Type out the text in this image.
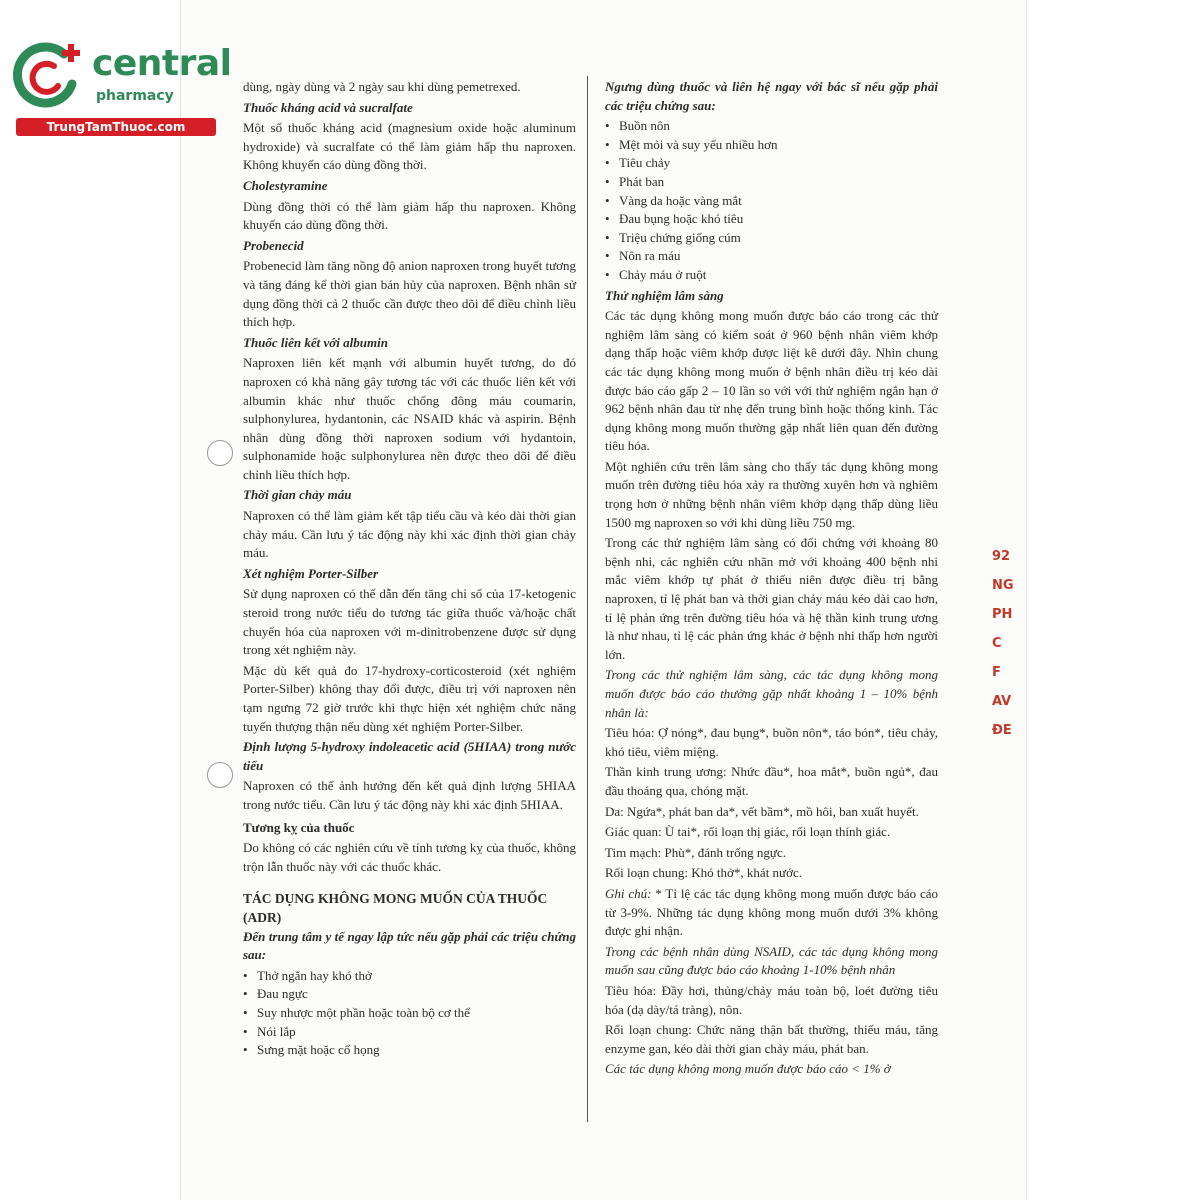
central
pharmacy
TrungTamThuoc.com

dùng, ngày dùng và 2 ngày sau khi dùng pemetrexed.

Thuốc kháng acid và sucralfate

Một số thuốc kháng acid (magnesium oxide hoặc aluminum hydroxide) và sucralfate có thể làm giảm hấp thu naproxen. Không khuyến cáo dùng đồng thời.

Cholestyramine

Dùng đồng thời có thể làm giảm hấp thu naproxen. Không khuyến cáo dùng đồng thời.

Probenecid

Probenecid làm tăng nồng độ anion naproxen trong huyết tương và tăng đáng kể thời gian bán hủy của naproxen. Bệnh nhân sử dụng đồng thời cả 2 thuốc cần được theo dõi để điều chỉnh liều thích hợp.

Thuốc liên kết với albumin

Naproxen liên kết mạnh với albumin huyết tương, do đó naproxen có khả năng gây tương tác với các thuốc liên kết với albumin khác như thuốc chống đông máu coumarin, sulphonylurea, hydantonin, các NSAID khác và aspirin. Bệnh nhân dùng đồng thời naproxen sodium với hydantoin, sulphonamide hoặc sulphonylurea nên được theo dõi để điều chỉnh liều thích hợp.

Thời gian chảy máu

Naproxen có thể làm giảm kết tập tiểu cầu và kéo dài thời gian chảy máu. Cần lưu ý tác động này khi xác định thời gian chảy máu.

Xét nghiệm Porter-Silber

Sử dụng naproxen có thể dẫn đến tăng chỉ số của 17-ketogenic steroid trong nước tiểu do tương tác giữa thuốc và/hoặc chất chuyển hóa của naproxen với m-dinitrobenzene được sử dụng trong xét nghiệm này.

Mặc dù kết quả đo 17-hydroxy-corticosteroid (xét nghiệm Porter-Silber) không thay đổi được, điều trị với naproxen nên tạm ngưng 72 giờ trước khi thực hiện xét nghiệm chức năng tuyến thượng thận nếu dùng xét nghiệm Porter-Silber.

Định lượng 5-hydroxy indoleacetic acid (5HIAA) trong nước tiểu

Naproxen có thể ảnh hưởng đến kết quả định lượng 5HIAA trong nước tiểu. Cần lưu ý tác động này khi xác định 5HIAA.

Tương kỵ của thuốc

Do không có các nghiên cứu về tính tương kỵ của thuốc, không trộn lẫn thuốc này với các thuốc khác.

TÁC DỤNG KHÔNG MONG MUỐN CỦA THUỐC (ADR)

Đến trung tâm y tế ngay lập tức nếu gặp phải các triệu chứng sau:

• Thở ngắn hay khó thở
• Đau ngực
• Suy nhược một phần hoặc toàn bộ cơ thể
• Nói lắp
• Sưng mặt hoặc cổ họng

Ngưng dùng thuốc và liên hệ ngay với bác sĩ nếu gặp phải các triệu chứng sau:

• Buồn nôn
• Mệt mỏi và suy yếu nhiều hơn
• Tiêu chảy
• Phát ban
• Vàng da hoặc vàng mắt
• Đau bụng hoặc khó tiêu
• Triệu chứng giống cúm
• Nôn ra máu
• Chảy máu ở ruột
Thử nghiệm lâm sàng

Các tác dụng không mong muốn được báo cáo trong các thử nghiệm lâm sàng có kiểm soát ở 960 bệnh nhân viêm khớp dạng thấp hoặc viêm khớp được liệt kê dưới đây. Nhìn chung các tác dụng không mong muốn ở bệnh nhân điều trị kéo dài được báo cáo gấp 2 – 10 lần so với với thử nghiệm ngắn hạn ở 962 bệnh nhân đau từ nhẹ đến trung bình hoặc thống kinh. Tác dụng không mong muốn thường gặp nhất liên quan đến đường tiêu hóa.

Một nghiên cứu trên lâm sàng cho thấy tác dụng không mong muốn trên đường tiêu hóa xảy ra thường xuyên hơn và nghiêm trọng hơn ở những bệnh nhân viêm khớp dạng thấp dùng liều 1500 mg naproxen so với khi dùng liều 750 mg.

Trong các thử nghiệm lâm sàng có đối chứng với khoảng 80 bệnh nhi, các nghiên cứu nhãn mở với khoảng 400 bệnh nhi mắc viêm khớp tự phát ở thiếu niên được điều trị bằng naproxen, tỉ lệ phát ban và thời gian chảy máu kéo dài cao hơn, tỉ lệ phản ứng trên đường tiêu hóa và hệ thần kinh trung ương là như nhau, tỉ lệ các phản ứng khác ở bệnh nhi thấp hơn người lớn.

Trong các thử nghiệm lâm sàng, các tác dụng không mong muốn được báo cáo thường gặp nhất khoảng 1 – 10% bệnh nhân là:

Tiêu hóa: Ợ nóng*, đau bụng*, buồn nôn*, táo bón*, tiêu chảy, khó tiêu, viêm miệng.

Thần kinh trung ương: Nhức đầu*, hoa mắt*, buồn ngủ*, đau đầu thoáng qua, chóng mặt.

Da: Ngứa*, phát ban da*, vết bầm*, mồ hôi, ban xuất huyết.

Giác quan: Ù tai*, rối loạn thị giác, rối loạn thính giác.

Tim mạch: Phù*, đánh trống ngực.

Rối loạn chung: Khó thở*, khát nước.

Ghi chú: * Tỉ lệ các tác dụng không mong muốn được báo cáo từ 3-9%. Những tác dụng không mong muốn dưới 3% không được ghi nhận.

Trong các bệnh nhân dùng NSAID, các tác dụng không mong muốn sau cũng được báo cáo khoảng 1-10% bệnh nhân

Tiêu hóa: Đầy hơi, thủng/chảy máu toàn bộ, loét đường tiêu hóa (dạ dày/tá tràng), nôn.

Rối loạn chung: Chức năng thận bất thường, thiếu máu, tăng enzyme gan, kéo dài thời gian chảy máu, phát ban.

Các tác dụng không mong muốn được báo cáo < 1% ở

92
NG
PH
C F
AV
ĐE
